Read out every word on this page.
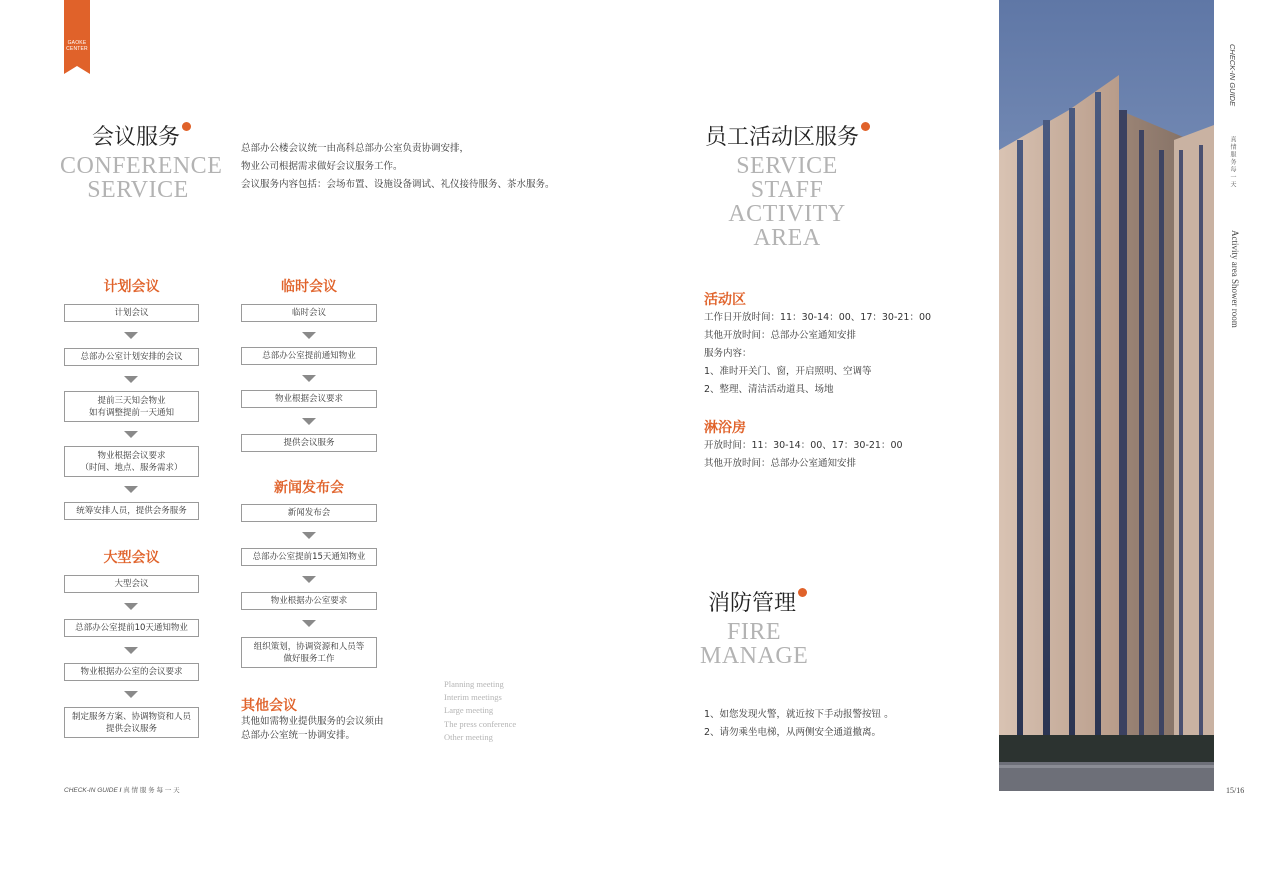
GAOKE CENTER
会议服务
CONFERENCE
SERVICE
总部办公楼会议统一由高科总部办公室负责协调安排，
物业公司根据需求做好会议服务工作。
会议服务内容包括：会场布置、设施设备调试、礼仪接待服务、茶水服务。
计划会议
计划会议
总部办公室计划安排的会议
提前三天知会物业
如有调整提前一天通知
物业根据会议要求
（时间、地点、服务需求）
统筹安排人员，提供会务服务
大型会议
大型会议
总部办公室提前10天通知物业
物业根据办公室的会议要求
制定服务方案、协调物资和人员
提供会议服务
临时会议
临时会议
总部办公室提前通知物业
物业根据会议要求
提供会议服务
新闻发布会
新闻发布会
总部办公室提前15天通知物业
物业根据办公室要求
组织策划，协调资源和人员等
做好服务工作
其他会议
其他如需物业提供服务的会议须由
总部办公室统一协调安排。
Planning meeting
Interim meetings
Large meeting
The press conference
Other meeting
CHECK-IN GUIDE / 真 情 服 务 每 一 天
员工活动区服务
SERVICE
STAFF
ACTIVITY
AREA
活动区
工作日开放时间：11：30-14：00、17：30-21：00
其他开放时间：总部办公室通知安排
服务内容：
1、准时开关门、窗，开启照明、空调等
2、整理、清洁活动道具、场地
淋浴房
开放时间：11：30-14：00、17：30-21：00
其他开放时间：总部办公室通知安排
消防管理
FIRE
MANAGE
1、如您发现火警，就近按下手动报警按钮 。
2、请勿乘坐电梯，从两侧安全通道撤离。
CHECK-IN GUIDE
真 情 服 务 每 一 天
Activity area Shower room
15/16
